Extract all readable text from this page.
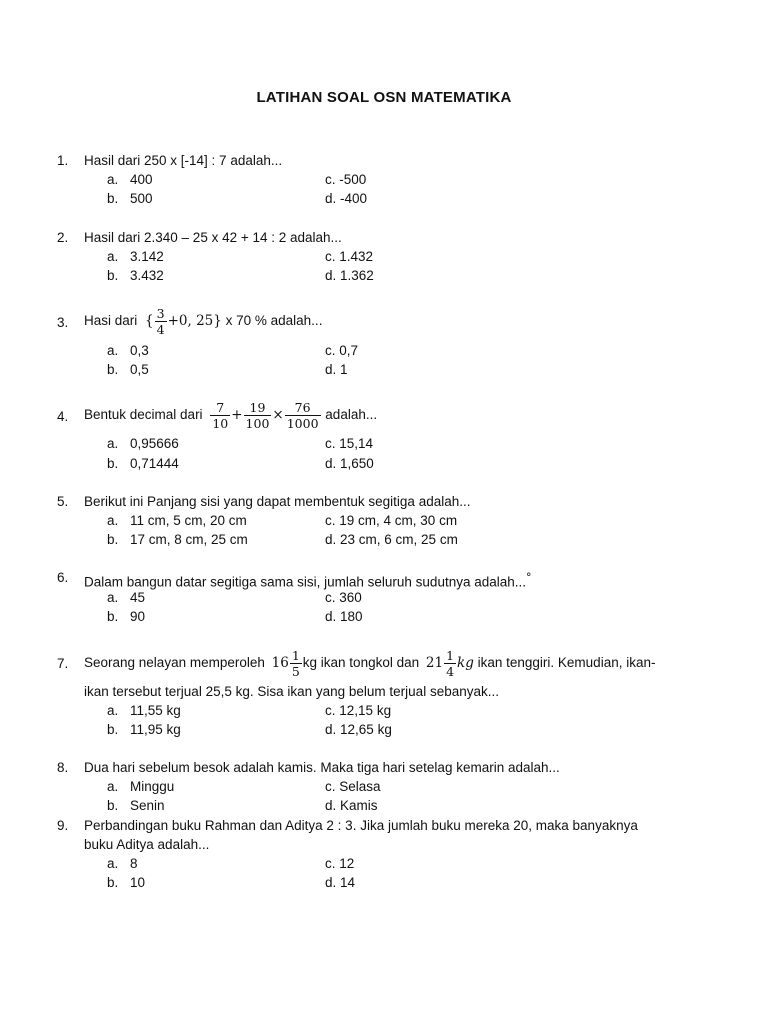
LATIHAN SOAL OSN MATEMATIKA
1. Hasil dari 250 x [-14] : 7 adalah...
a. 400	c. -500
b. 500	d. -400
2. Hasil dari 2.340 – 25 x 42 + 14 : 2 adalah...
a. 3.142	c. 1.432
b. 3.432	d. 1.362
3. Hasi dari { $\frac{3}{4} +0$, 25} x 70 % adalah...
a. 0,3	c. 0,7
b. 0,5	d. 1
4. Bentuk decimal dari $\frac{7}{10} + \frac{19}{100} \times \frac{76}{1000}$ adalah...
a. 0,95666	c. 15,14
b. 0,71444	d. 1,650
5. Berikut ini Panjang sisi yang dapat membentuk segitiga adalah...
a. 11 cm, 5 cm, 20 cm	c. 19 cm, 4 cm, 30 cm
b. 17 cm, 8 cm, 25 cm	d. 23 cm, 6 cm, 25 cm
6. Dalam bangun datar segitiga sama sisi, jumlah seluruh sudutnya adalah...°
a. 45	c. 360
b. 90	d. 180
7. Seorang nelayan memperoleh $16 \frac{1}{5}$ kg ikan tongkol dan $21 \frac{1}{4}$ kg ikan tenggiri. Kemudian, ikan-
ikan tersebut terjual 25,5 kg. Sisa ikan yang belum terjual sebanyak...
a. 11,55 kg	c. 12,15 kg
b. 11,95 kg	d. 12,65 kg
8. Dua hari sebelum besok adalah kamis. Maka tiga hari setelag kemarin adalah...
a. Minggu	c. Selasa
b. Senin	d. Kamis
9. Perbandingan buku Rahman dan Aditya 2 : 3. Jika jumlah buku mereka 20, maka banyaknya
buku Aditya adalah...
a. 8	c. 12
b. 10	d. 14
